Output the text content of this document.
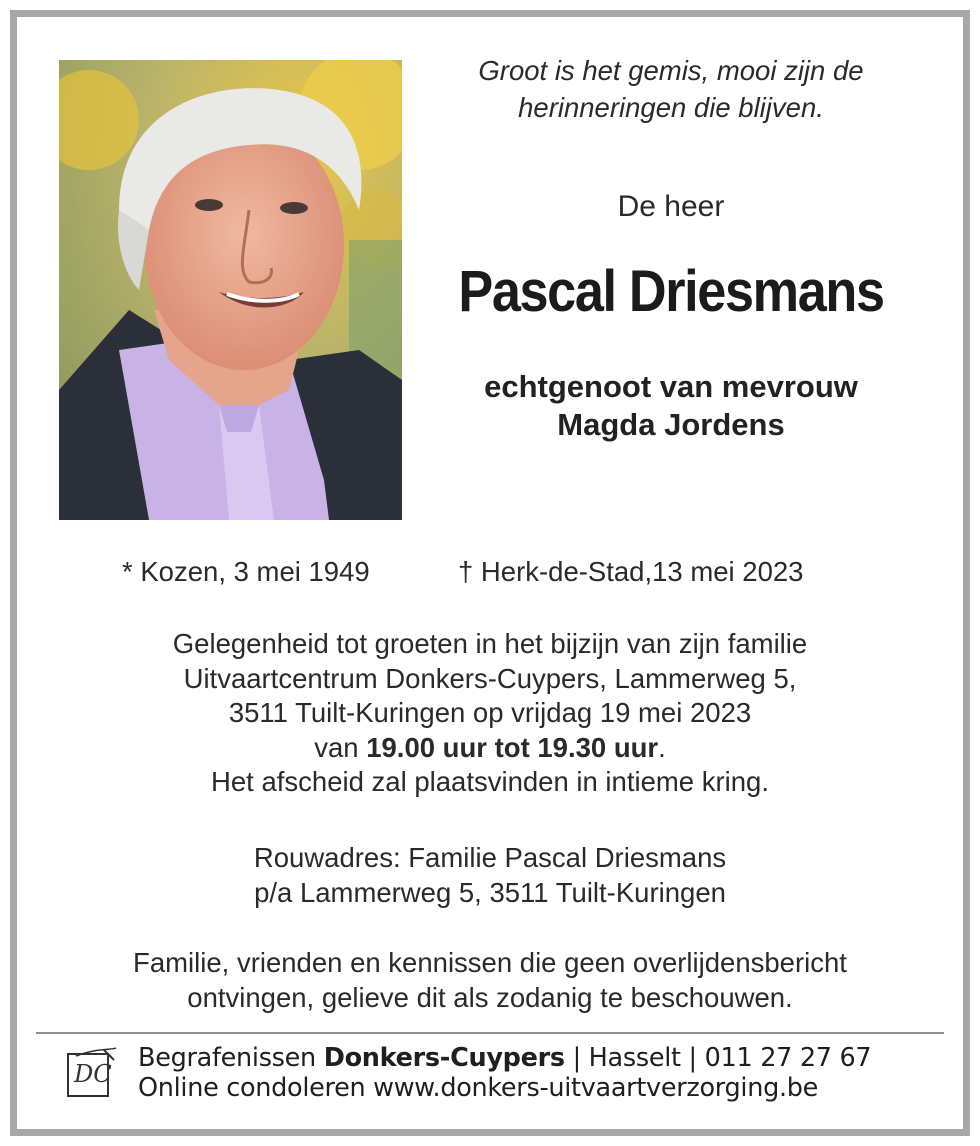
Groot is het gemis, mooi zijn de
herinneringen die blijven.
De heer
Pascal Driesmans
echtgenoot van mevrouw
Magda Jordens
* Kozen, 3 mei 1949	† Herk-de-Stad,13 mei 2023
Gelegenheid tot groeten in het bijzijn van zijn familie
Uitvaartcentrum Donkers-Cuypers, Lammerweg 5,
3511 Tuilt-Kuringen op vrijdag 19 mei 2023
van 19.00 uur tot 19.30 uur.
Het afscheid zal plaatsvinden in intieme kring.
Rouwadres: Familie Pascal Driesmans
p/a Lammerweg 5, 3511 Tuilt-Kuringen
Familie, vrienden en kennissen die geen overlijdensbericht
ontvingen, gelieve dit als zodanig te beschouwen.
DC
Begrafenissen Donkers-Cuypers | Hasselt | 011 27 27 67
Online condoleren www.donkers-uitvaartverzorging.be
